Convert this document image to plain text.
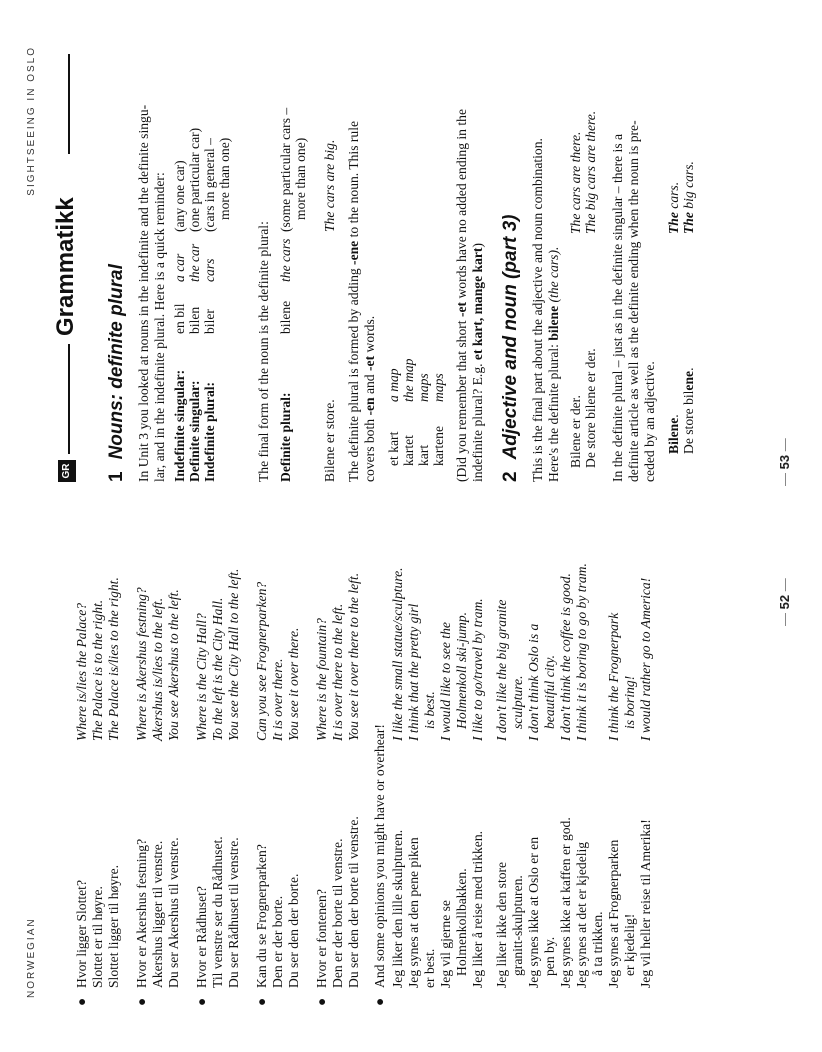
NORWEGIAN
●
Hvor ligger Slottet? Slottet er til høyre. Slottet ligger til høyre.
Where is/lies the Palace? The Palace is to the right. The Palace is/lies to the right.
●
Hvor er Akershus festning? Akershus ligger til venstre. Du ser Akershus til venstre.
Where is Akershus festning? Akershus is/lies to the left. You see Akershus to the left.
●
Hvor er Rådhuset? Til venstre ser du Rådhuset. Du ser Rådhuset til venstre.
Where is the City Hall? To the left is the City Hall. You see the City Hall to the left.
●
Kan du se Frognerparken? Den er der borte. Du ser den der borte.
Can you see Frognerparken? It is over there. You see it over there.
●
Hvor er fontenen? Den er der borte til venstre. Du ser den der borte til venstre.
Where is the fountain? It is over there to the left. You see it over there to the left.
●
And some opinions you might have or overhear! Jeg liker den lille skulpturen. Jeg synes at den pene piken er best. Jeg vil gjerne se Holmenkollbakken. Jeg liker å reise med trikken. Jeg liker ikke den store granitt-skulpturen. Jeg synes ikke at Oslo er en pen by. Jeg synes ikke at kaffen er god. Jeg synes at det er kjedelig å ta trikken. Jeg synes at Frognerparken er kjedelig! Jeg vil heller reise til Amerika!
I like the small statue/sculpture. I think that the pretty girl is best. I would like to see the Holmenkoll ski-jump. I like to go/travel by tram. I don't like the big granite sculpture. I don't think Oslo is a beautiful city. I don't think the coffee is good. I think it is boring to go by tram. I think the Frognerpark is boring! I would rather go to America!
—	52 —
SIGHTSEEING IN OSLO
GR
Grammatikk
1Nouns: definite plural In Unit 3 you looked at nouns in the indefinite and the definite singu- lar, and in the indefinite plural. Here is a quick reminder: Indefinite singular:
en bil
a car
(any one car)
Definite singular:
bilen
the car
(one particular car)
Indefinite plural:
biler
cars
(cars in general – more than one)
The final form of the noun is the definite plural: Definite plural:
bilene
the cars
(some particular cars – more than one)
Bilene er store.
The cars are big.
The definite plural is formed by adding -ene to the noun. This rule
covers both -en and -et words.
et kart
a map
kartet
the map
kart
maps
kartene
maps (Did you remember that short -et words have no added ending in the
indefinite plural? E.g. et kart, mange kart)
2Adjective and noun (part 3) This is the final part about the adjective and noun combination. Here's the definite plural: bilene (the cars).
Bilene er der.
The cars are there.
De store bilene er der.
The big cars are there. In the definite plural – just as in the definite singular – there is a definite article as well as the definite ending when the noun is pre- ceded by an adjective. Bilene. De store bilene.
The cars.
The big cars.
— 53 —
